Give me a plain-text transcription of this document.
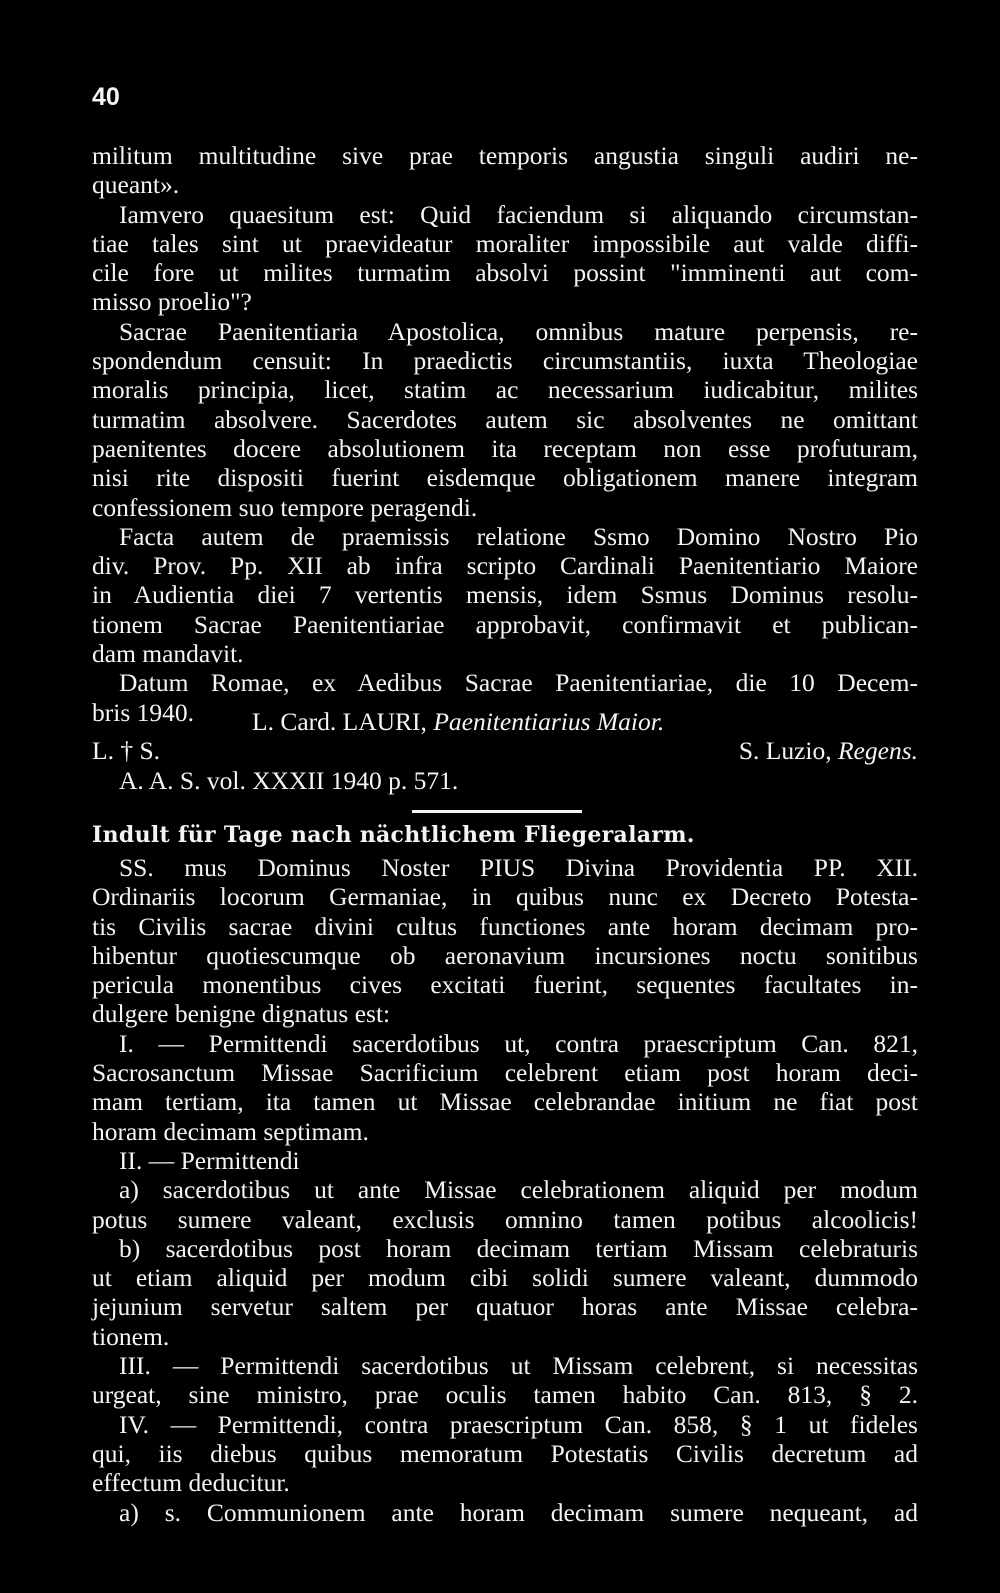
40
militum multitudine sive prae temporis angustia singuli audiri ne-
queant».
Iamvero quaesitum est: Quid faciendum si aliquando circumstan-
tiae tales sint ut praevideatur moraliter impossibile aut valde diffi-
cile fore ut milites turmatim absolvi possint "imminenti aut com-
misso proelio"?
Sacrae Paenitentiaria Apostolica, omnibus mature perpensis, re-
spondendum censuit: In praedictis circumstantiis, iuxta Theologiae
moralis principia, licet, statim ac necessarium iudicabitur, milites
turmatim absolvere. Sacerdotes autem sic absolventes ne omittant
paenitentes docere absolutionem ita receptam non esse profuturam,
nisi rite dispositi fuerint eisdemque obligationem manere integram
confessionem suo tempore peragendi.
Facta autem de praemissis relatione Ssmo Domino Nostro Pio
div. Prov. Pp. XII ab infra scripto Cardinali Paenitentiario Maiore
in Audientia diei 7 vertentis mensis, idem Ssmus Dominus resolu-
tionem Sacrae Paenitentiariae approbavit, confirmavit et publican-
dam mandavit.
Datum Romae, ex Aedibus Sacrae Paenitentiariae, die 10 Decem-
bris 1940.	L. Card. LAURI, Paenitentiarius Maior.
L. † S.	S. Luzio, Regens.
A. A. S. vol. XXXII 1940 p. 571.
Indult für Tage nach nächtlichem Fliegeralarm.
SS. mus Dominus Noster PIUS Divina Providentia PP. XII.
Ordinariis locorum Germaniae, in quibus nunc ex Decreto Potesta-
tis Civilis sacrae divini cultus functiones ante horam decimam pro-
hibentur quotiescumque ob aeronavium incursiones noctu sonitibus
pericula monentibus cives excitati fuerint, sequentes facultates in-
dulgere benigne dignatus est:
I. — Permittendi sacerdotibus ut, contra praescriptum Can. 821,
Sacrosanctum Missae Sacrificium celebrent etiam post horam deci-
mam tertiam, ita tamen ut Missae celebrandae initium ne fiat post
horam decimam septimam.
II. — Permittendi
a) sacerdotibus ut ante Missae celebrationem aliquid per modum
potus sumere valeant, exclusis omnino tamen potibus alcoolicis!
b) sacerdotibus post horam decimam tertiam Missam celebraturis
ut etiam aliquid per modum cibi solidi sumere valeant, dummodo
jejunium servetur saltem per quatuor horas ante Missae celebra-
tionem.
III. — Permittendi sacerdotibus ut Missam celebrent, si necessitas
urgeat, sine ministro, prae oculis tamen habito Can. 813, § 2.
IV. — Permittendi, contra praescriptum Can. 858, § 1 ut fideles
qui, iis diebus quibus memoratum Potestatis Civilis decretum ad
effectum deducitur.
a) s. Communionem ante horam decimam sumere nequeant, ad
